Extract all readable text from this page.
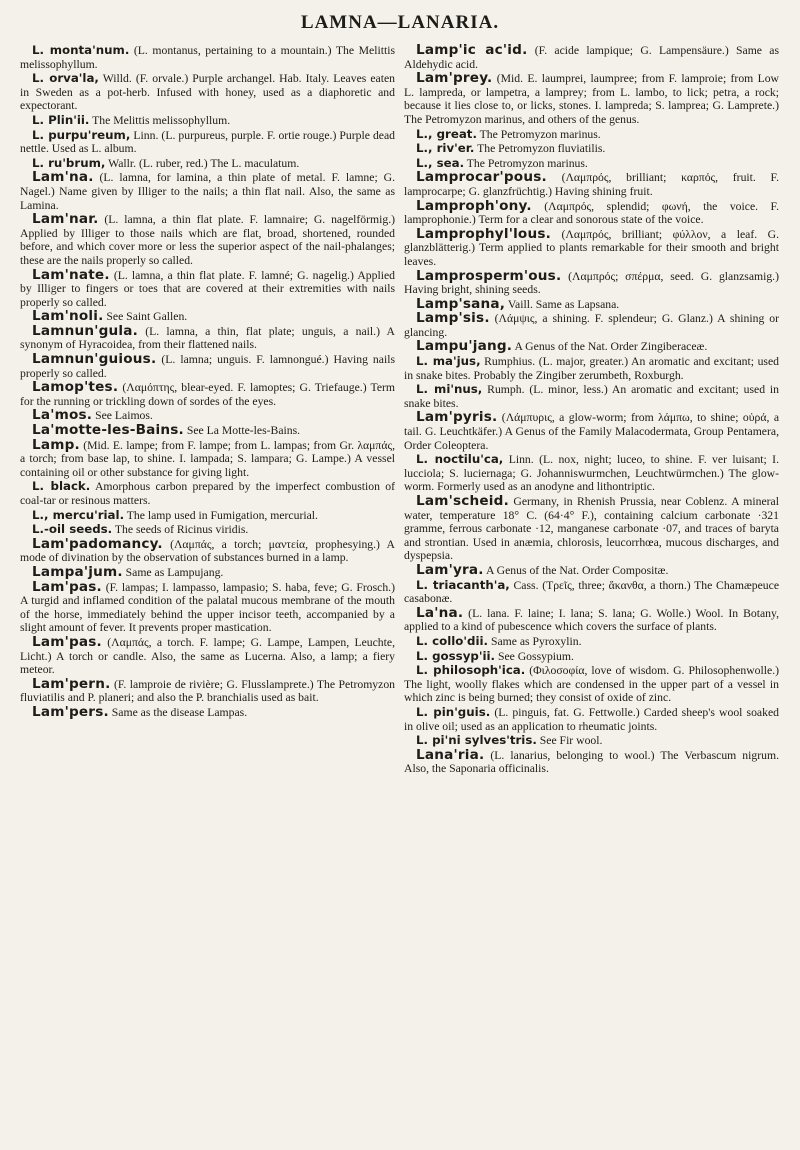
LAMNA—LANARIA.

L. monta'num. (L. montanus, pertaining to a mountain.) The Melittis melissophyllum.

L. orva'la, Willd. (F. orvale.) Purple archangel. Hab. Italy. Leaves eaten in Sweden as a pot-herb. Infused with honey, used as a diaphoretic and expectorant.

L. Plin'ii. The Melittis melissophyllum.

L. purpu'reum, Linn. (L. purpureus, purple. F. ortie rouge.) Purple dead nettle. Used as L. album.

L. ru'brum, Wallr. (L. ruber, red.) The L. maculatum.

Lam'na. (L. lamna, for lamina, a thin plate of metal. F. lamne; G. Nagel.) Name given by Illiger to the nails; a thin flat nail. Also, the same as Lamina.

Lam'nar. (L. lamna, a thin flat plate. F. lamnaire; G. nagelförmig.) Applied by Illiger to those nails which are flat, broad, shortened, rounded before, and which cover more or less the superior aspect of the nail-phalanges; these are the nails properly so called.

Lam'nate. (L. lamna, a thin flat plate. F. lamné; G. nagelig.) Applied by Illiger to fingers or toes that are covered at their extremities with nails properly so called.

Lam'noli. See Saint Gallen.

Lamnun'gula. (L. lamna, a thin, flat plate; unguis, a nail.) A synonym of Hyracoidea, from their flattened nails.

Lamnun'guious. (L. lamna; unguis. F. lamnongué.) Having nails properly so called.

Lamop'tes. (Λαμόπτης, blear-eyed. F. lamoptes; G. Triefauge.) Term for the running or trickling down of sordes of the eyes.

La'mos. See Laimos.

La'motte-les-Bains. See La Motte-les-Bains.

Lamp. (Mid. E. lampe; from F. lampe; from L. lampas; from Gr. λαμπάς, a torch; from base lap, to shine. I. lampada; S. lampara; G. Lampe.) A vessel containing oil or other substance for giving light.

L. black. Amorphous carbon prepared by the imperfect combustion of coal-tar or resinous matters.

L., mercu'rial. The lamp used in Fumigation, mercurial.

L.-oil seeds. The seeds of Ricinus viridis.

Lam'padomancy. (Λαμπάς, a torch; μαντεία, prophesying.) A mode of divination by the observation of substances burned in a lamp.

Lampa'jum. Same as Lampujang.

Lam'pas. (F. lampas; I. lampasso, lampasio; S. haba, feve; G. Frosch.) A turgid and inflamed condition of the palatal mucous membrane of the mouth of the horse, immediately behind the upper incisor teeth, accompanied by a slight amount of fever. It prevents proper mastication.

Lam'pas. (Λαμπάς, a torch. F. lampe; G. Lampe, Lampen, Leuchte, Licht.) A torch or candle. Also, the same as Lucerna. Also, a lamp; a fiery meteor.

Lam'pern. (F. lamproie de rivière; G. Flusslamprete.) The Petromyzon fluviatilis and P. planeri; and also the P. branchialis used as bait.

Lam'pers. Same as the disease Lampas.

Lamp'ic ac'id. (F. acide lampique; G. Lampensäure.) Same as Aldehydic acid.

Lam'prey. (Mid. E. laumprei, laumpree; from F. lamproie; from Low L. lampreda, or lampetra, a lamprey; from L. lambo, to lick; petra, a rock; because it lies close to, or licks, stones. I. lampreda; S. lamprea; G. Lamprete.) The Petromyzon marinus, and others of the genus.

L., great. The Petromyzon marinus.

L., riv'er. The Petromyzon fluviatilis.

L., sea. The Petromyzon marinus.

Lamprocar'pous. (Λαμπρός, brilliant; καρπός, fruit. F. lamprocarpe; G. glanzfrüchtig.) Having shining fruit.

Lamproph'ony. (Λαμπρός, splendid; φωνή, the voice. F. lamprophonie.) Term for a clear and sonorous state of the voice.

Lamprophyl'lous. (Λαμπρός, brilliant; φύλλον, a leaf. G. glanzblätterig.) Term applied to plants remarkable for their smooth and bright leaves.

Lamprosperm'ous. (Λαμπρός; σπέρμα, seed. G. glanzsamig.) Having bright, shining seeds.

Lamp'sana, Vaill. Same as Lapsana.

Lamp'sis. (Λάμψις, a shining. F. splendeur; G. Glanz.) A shining or glancing.

Lampu'jang. A Genus of the Nat. Order Zingiberaceæ.

L. ma'jus, Rumphius. (L. major, greater.) An aromatic and excitant; used in snake bites. Probably the Zingiber zerumbeth, Roxburgh.

L. mi'nus, Rumph. (L. minor, less.) An aromatic and excitant; used in snake bites.

Lam'pyris. (Λάμπυρις, a glow-worm; from λάμπω, to shine; οὐρά, a tail. G. Leuchtkäfer.) A Genus of the Family Malacodermata, Group Pentamera, Order Coleoptera.

L. noctilu'ca, Linn. (L. nox, night; luceo, to shine. F. ver luisant; I. lucciola; S. luciernaga; G. Johanniswurmchen, Leuchtwürmchen.) The glow-worm. Formerly used as an anodyne and lithontriptic.

Lam'scheid. Germany, in Rhenish Prussia, near Coblenz. A mineral water, temperature 18° C. (64·4° F.), containing calcium carbonate ·321 gramme, ferrous carbonate ·12, manganese carbonate ·07, and traces of baryta and strontian. Used in anæmia, chlorosis, leucorrhœa, mucous discharges, and dyspepsia.

Lam'yra. A Genus of the Nat. Order Compositæ.

L. triacanth'a, Cass. (Τρεῖς, three; ἄκανθα, a thorn.) The Chamæpeuce casabonæ.

La'na. (L. lana. F. laine; I. lana; S. lana; G. Wolle.) Wool. In Botany, applied to a kind of pubescence which covers the surface of plants.

L. collo'dii. Same as Pyroxylin.

L. gossyp'ii. See Gossypium.

L. philosoph'ica. (Φιλοσοφία, love of wisdom. G. Philosophenwolle.) The light, woolly flakes which are condensed in the upper part of a vessel in which zinc is being burned; they consist of oxide of zinc.

L. pin'guis. (L. pinguis, fat. G. Fettwolle.) Carded sheep's wool soaked in olive oil; used as an application to rheumatic joints.

L. pi'ni sylves'tris. See Fir wool.

Lana'ria. (L. lanarius, belonging to wool.) The Verbascum nigrum. Also, the Saponaria officinalis.
